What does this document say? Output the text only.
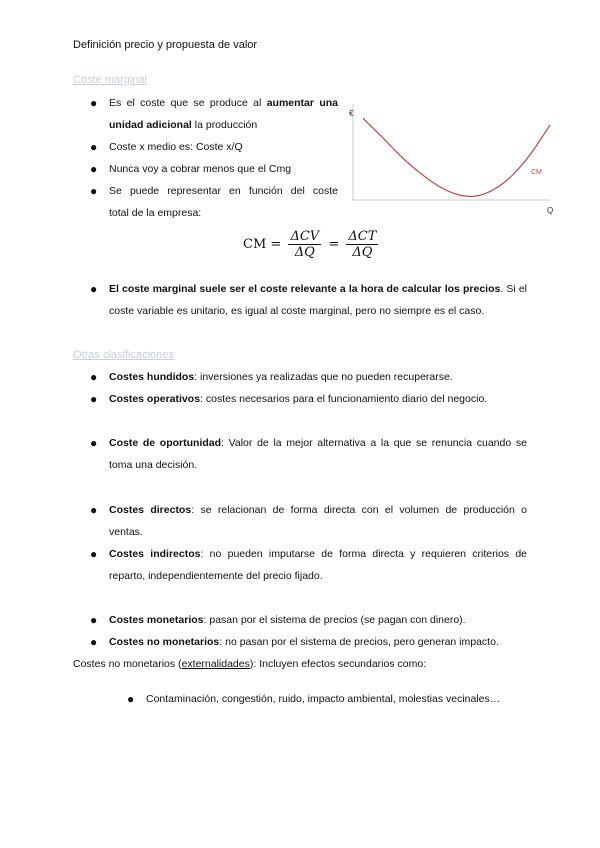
Definición precio y propuesta de valor
Coste marginal
● Es el coste que se produce al aumentar una
unidad adicional la producción
● Coste x medio es: Coste x/Q
● Nunca voy a cobrar menos que el Cmg
● Se puede representar en función del coste
total de la empresa:
€
Q
CM
CM = $\frac{\text{ΔCV}}{\Delta Q} = \frac{\text{ΔCT}}{\Delta Q}$
● El coste marginal suele ser el coste relevante a la hora de calcular los precios. Si el
coste variable es unitario, es igual al coste marginal, pero no siempre es el caso.
Otras clasificaciones
● Costes hundidos: inversiones ya realizadas que no pueden recuperarse.
● Costes operativos: costes necesarios para el funcionamiento diario del negocio.
● Coste de oportunidad: Valor de la mejor alternativa a la que se renuncia cuando se
toma una decisión.
● Costes directos: se relacionan de forma directa con el volumen de producción o
ventas.
● Costes indirectos: no pueden imputarse de forma directa y requieren criterios de
reparto, independientemente del precio fijado.
● Costes monetarios: pasan por el sistema de precios (se pagan con dinero).
● Costes no monetarios: no pasan por el sistema de precios, pero generan impacto.
Costes no monetarios (externalidades): Incluyen efectos secundarios como:
● Contaminación, congestión, ruido, impacto ambiental, molestias vecinales…
